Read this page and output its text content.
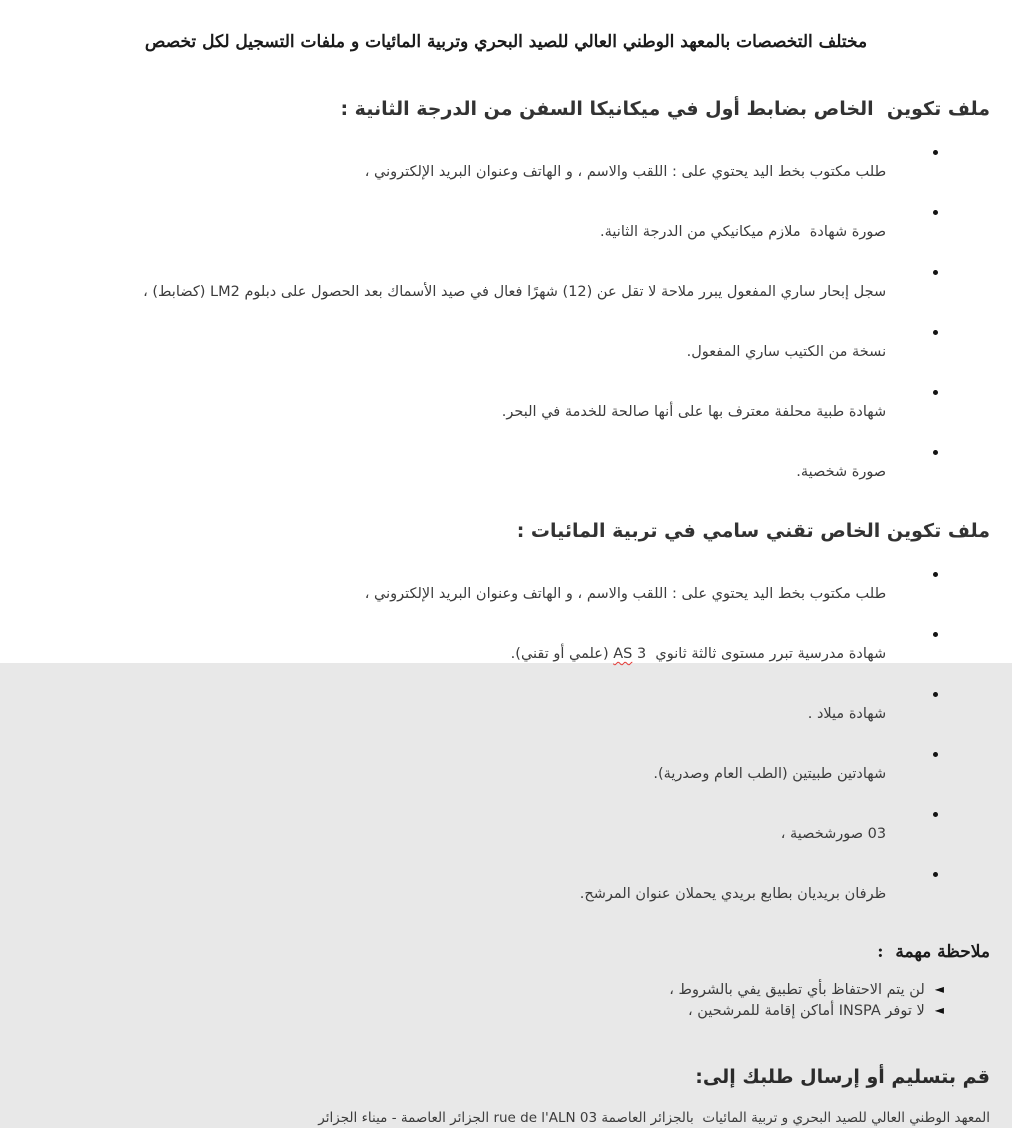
مختلف التخصصات بالمعهد الوطني العالي للصيد البحري وتربية المائيات و ملفات التسجيل لكل تخصص
ملف تكوين  الخاص بضابط أول في ميكانيكا السفن من الدرجة الثانية :

طلب مكتوب بخط اليد يحتوي على : اللقب والاسم ، و الهاتف وعنوان البريد الإلكتروني ،

صورة شهادة  ملازم ميكانيكي من الدرجة الثانية.

سجل إبحار ساري المفعول يبرر ملاحة لا تقل عن (12) شهرًا فعال في صيد الأسماك بعد الحصول على دبلوم LM2 (كضابط) ،

نسخة من الكتيب ساري المفعول.

شهادة طبية محلفة معترف بها على أنها صالحة للخدمة في البحر.

صورة شخصية.

ملف تكوين الخاص تقني سامي في تربية المائيات :

طلب مكتوب بخط اليد يحتوي على : اللقب والاسم ، و الهاتف وعنوان البريد الإلكتروني ،

شهادة مدرسية تبرر مستوى ثالثة ثانوي  AS 3 (علمي أو تقني).

شهادة ميلاد .

شهادتين طبيتين (الطب العام وصدرية).

03 صورشخصية ،

ظرفان بريديان بطابع بريدي يحملان عنوان المرشح.

ملاحظة مهمة  :
◄
لن يتم الاحتفاظ بأي تطبيق يفي بالشروط ،
◄
لا توفر INSPA أماكن إقامة للمرشحين ،
قم بتسليم أو إرسال طلبك إلى:
المعهد الوطني العالي للصيد البحري و تربية المائيات  بالجزائر العاصمة rue de l'ALN 03 الجزائر العاصمة - ميناء الجزائر
